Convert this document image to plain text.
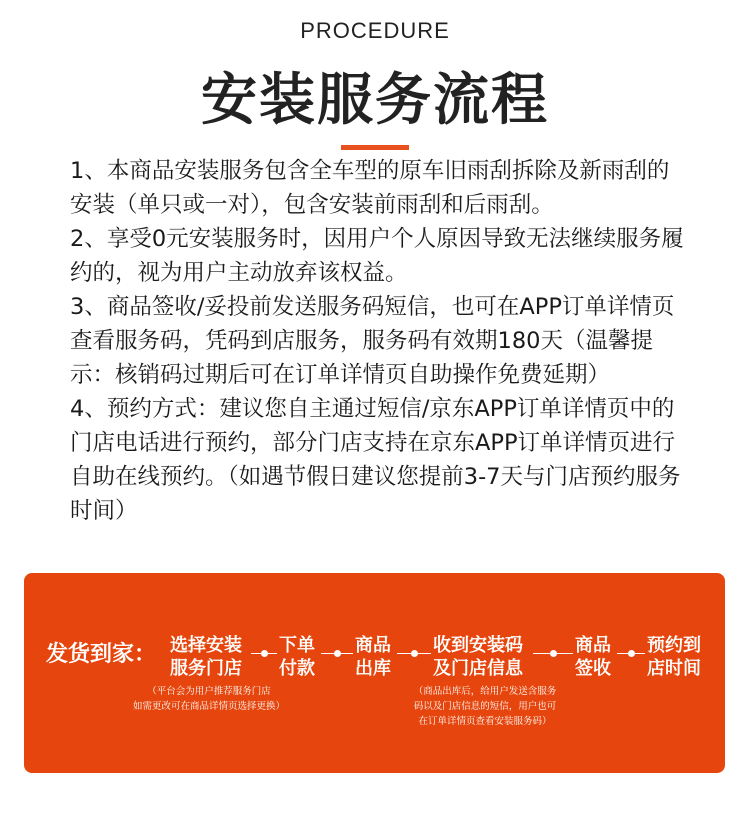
PROCEDURE
安装服务流程

1、本商品安装服务包含全车型的原车旧雨刮拆除及新雨刮的安装（单只或一对），包含安装前雨刮和后雨刮。

2、享受0元安装服务时，因用户个人原因导致无法继续服务履约的，视为用户主动放弃该权益。

3、商品签收/妥投前发送服务码短信，也可在APP订单详情页查看服务码，凭码到店服务，服务码有效期180天（温馨提示：核销码过期后可在订单详情页自助操作免费延期）

4、预约方式：建议您自主通过短信/京东APP订单详情页中的门店电话进行预约，部分门店支持在京东APP订单详情页进行自助在线预约。（如遇节假日建议您提前3-7天与门店预约服务时间）

发货到家： 选择安装
服务门店
下单
付款
商品
出库
收到安装码
及门店信息
商品
签收
预约到
店时间
（平台会为用户推荐服务门店
如需更改可在商品详情页选择更换）
（商品出库后，给用户发送含服务
码以及门店信息的短信，用户也可
在订单详情页查看安装服务码）
